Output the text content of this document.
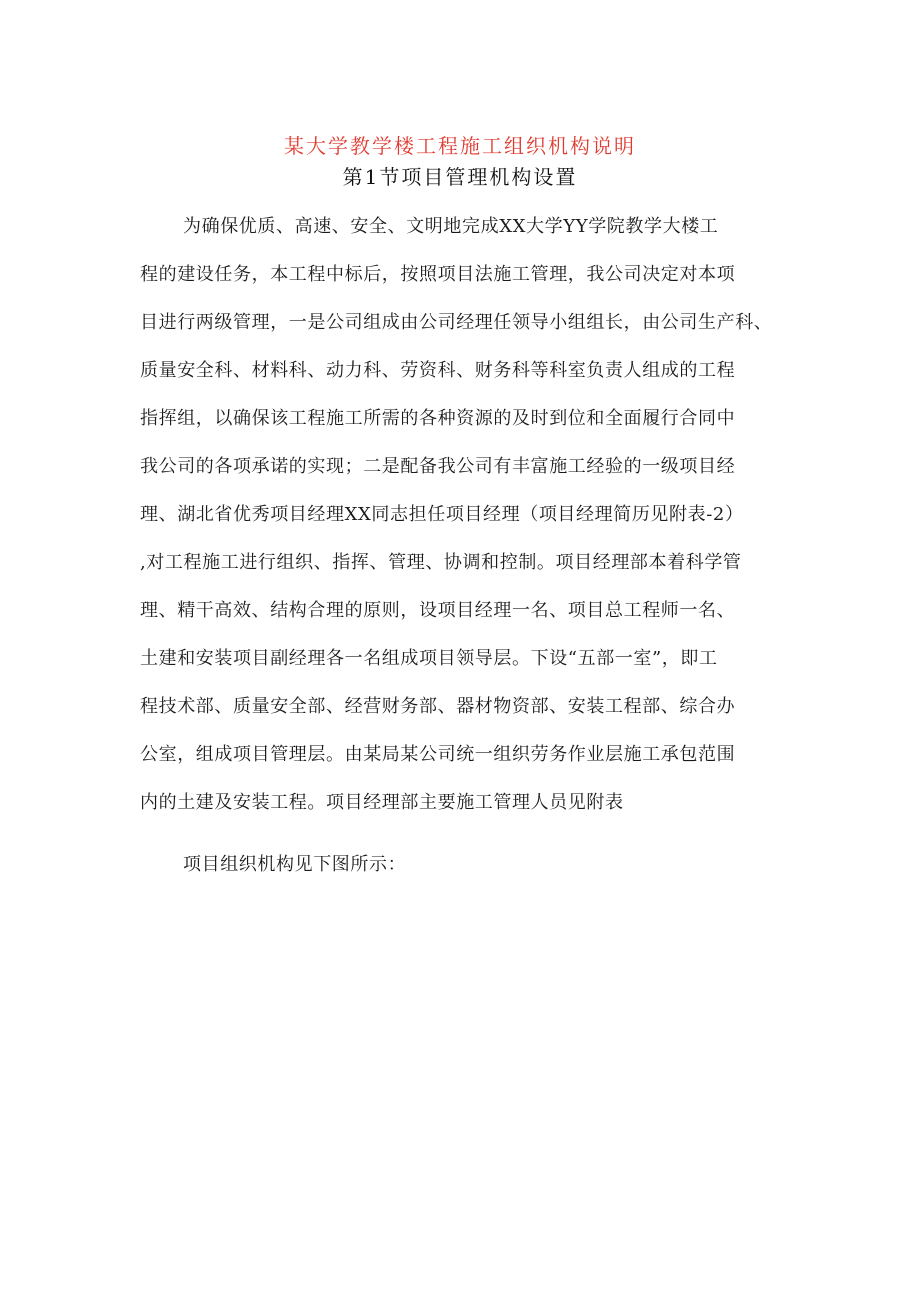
某大学教学楼工程施工组织机构说明
第1节项目管理机构设置
为确保优质、高速、安全、文明地完成XX大学YY学院教学大楼工
程的建设任务，本工程中标后，按照项目法施工管理，我公司决定对本项
目进行两级管理，一是公司组成由公司经理任领导小组组长，由公司生产科、
质量安全科、材料科、动力科、劳资科、财务科等科室负责人组成的工程
指挥组，以确保该工程施工所需的各种资源的及时到位和全面履行合同中
我公司的各项承诺的实现；二是配备我公司有丰富施工经验的一级项目经
理、湖北省优秀项目经理XX同志担任项目经理（项目经理简历见附表-2）
,对工程施工进行组织、指挥、管理、协调和控制。项目经理部本着科学管
理、精干高效、结构合理的原则，设项目经理一名、项目总工程师一名、
土建和安装项目副经理各一名组成项目领导层。下设“五部一室”，即工
程技术部、质量安全部、经营财务部、器材物资部、安装工程部、综合办
公室，组成项目管理层。由某局某公司统一组织劳务作业层施工承包范围
内的土建及安装工程。项目经理部主要施工管理人员见附表
项目组织机构见下图所示：
